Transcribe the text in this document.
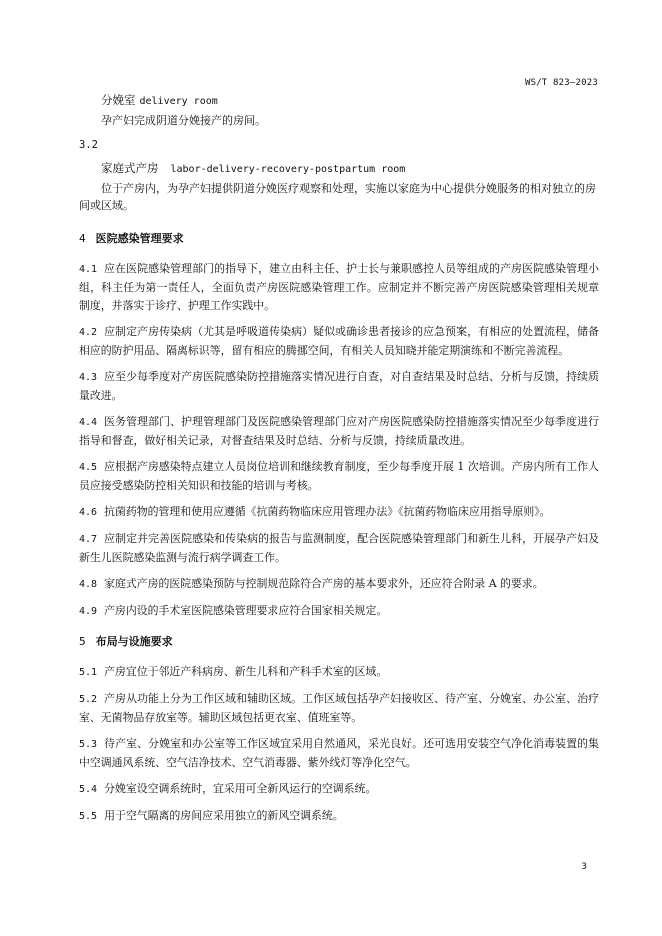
WS/T 823—2023
分娩室 delivery room

孕产妇完成阴道分娩接产的房间。

3.2
家庭式产房 labor-delivery-recovery-postpartum room

位于产房内，为孕产妇提供阴道分娩医疗观察和处理，实施以家庭为中心提供分娩服务的相对独立的房间或区域。

4 医院感染管理要求

4.1 应在医院感染管理部门的指导下，建立由科主任、护士长与兼职感控人员等组成的产房医院感染管理小组，科主任为第一责任人，全面负责产房医院感染管理工作。应制定并不断完善产房医院感染管理相关规章制度，并落实于诊疗、护理工作实践中。

4.2 应制定产房传染病（尤其是呼吸道传染病）疑似或确诊患者接诊的应急预案，有相应的处置流程，储备相应的防护用品、隔离标识等，留有相应的腾挪空间，有相关人员知晓并能定期演练和不断完善流程。

4.3 应至少每季度对产房医院感染防控措施落实情况进行自查，对自查结果及时总结、分析与反馈，持续质量改进。

4.4 医务管理部门、护理管理部门及医院感染管理部门应对产房医院感染防控措施落实情况至少每季度进行指导和督查，做好相关记录，对督查结果及时总结、分析与反馈，持续质量改进。

4.5 应根据产房感染特点建立人员岗位培训和继续教育制度，至少每季度开展 1 次培训。产房内所有工作人员应接受感染防控相关知识和技能的培训与考核。

4.6 抗菌药物的管理和使用应遵循《抗菌药物临床应用管理办法》《抗菌药物临床应用指导原则》。

4.7 应制定并完善医院感染和传染病的报告与监测制度，配合医院感染管理部门和新生儿科，开展孕产妇及新生儿医院感染监测与流行病学调查工作。

4.8 家庭式产房的医院感染预防与控制规范除符合产房的基本要求外，还应符合附录 A 的要求。

4.9 产房内设的手术室医院感染管理要求应符合国家相关规定。

5 布局与设施要求

5.1 产房宜位于邻近产科病房、新生儿科和产科手术室的区域。

5.2 产房从功能上分为工作区域和辅助区域。工作区域包括孕产妇接收区、待产室、分娩室、办公室、治疗室、无菌物品存放室等。辅助区域包括更衣室、值班室等。

5.3 待产室、分娩室和办公室等工作区域宜采用自然通风，采光良好。还可选用安装空气净化消毒装置的集中空调通风系统、空气洁净技术、空气消毒器、紫外线灯等净化空气。

5.4 分娩室设空调系统时，宜采用可全新风运行的空调系统。

5.5 用于空气隔离的房间应采用独立的新风空调系统。

3
